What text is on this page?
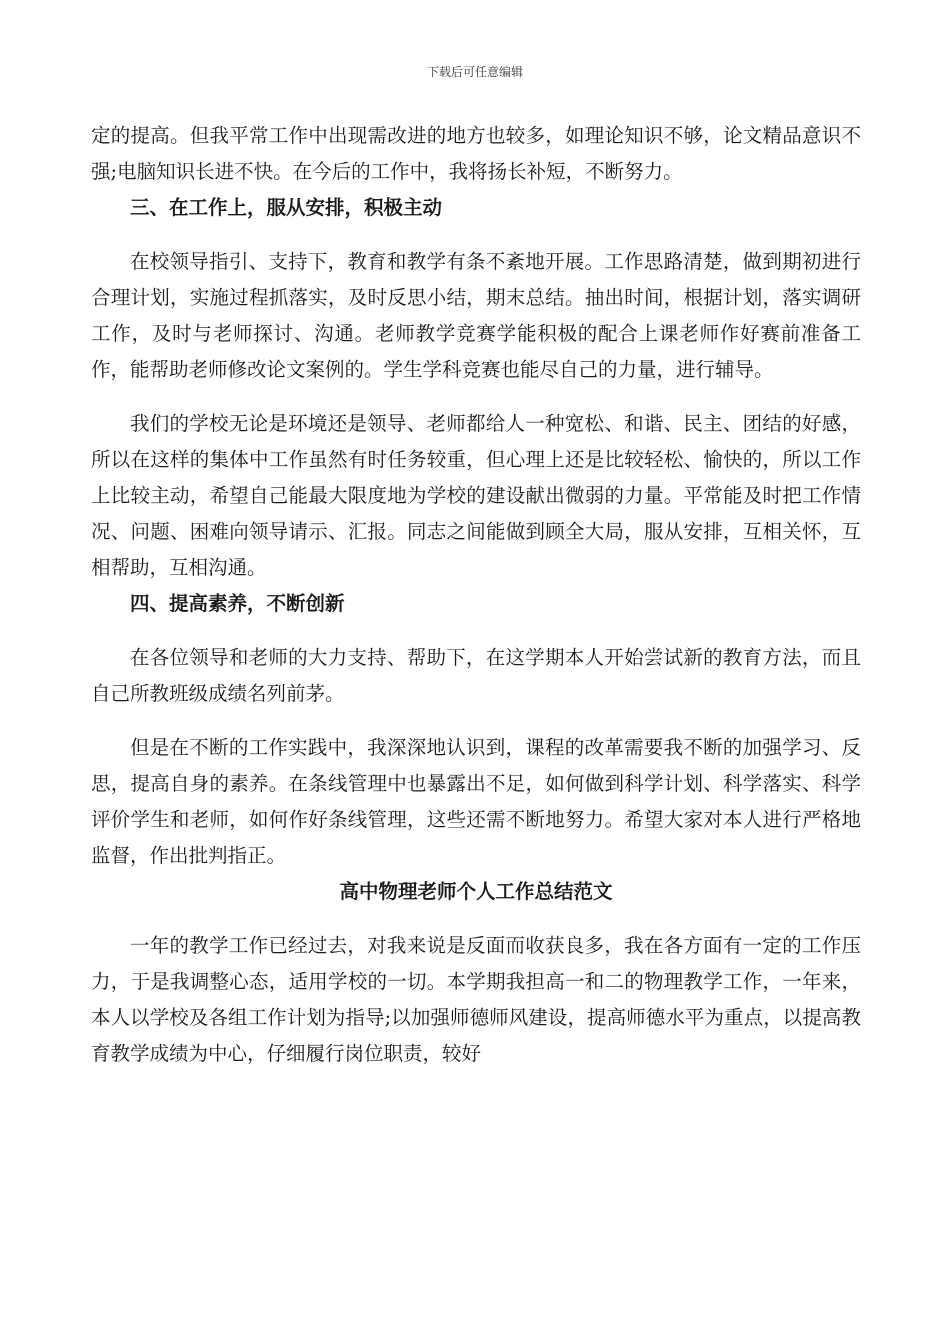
下载后可任意编辑

定的提高。但我平常工作中出现需改进的地方也较多，如理论知识不够，论文精品意识不强;电脑知识长进不快。在今后的工作中，我将扬长补短，不断努力。

三、在工作上，服从安排，积极主动

在校领导指引、支持下，教育和教学有条不紊地开展。工作思路清楚，做到期初进行合理计划，实施过程抓落实，及时反思小结，期末总结。抽出时间，根据计划，落实调研工作，及时与老师探讨、沟通。老师教学竞赛学能积极的配合上课老师作好赛前准备工作，能帮助老师修改论文案例的。学生学科竞赛也能尽自己的力量，进行辅导。

我们的学校无论是环境还是领导、老师都给人一种宽松、和谐、民主、团结的好感，所以在这样的集体中工作虽然有时任务较重，但心理上还是比较轻松、愉快的，所以工作上比较主动，希望自己能最大限度地为学校的建设献出微弱的力量。平常能及时把工作情况、问题、困难向领导请示、汇报。同志之间能做到顾全大局，服从安排，互相关怀，互相帮助，互相沟通。

四、提高素养，不断创新

在各位领导和老师的大力支持、帮助下，在这学期本人开始尝试新的教育方法，而且自己所教班级成绩名列前茅。

但是在不断的工作实践中，我深深地认识到，课程的改革需要我不断的加强学习、反思，提高自身的素养。在条线管理中也暴露出不足，如何做到科学计划、科学落实、科学评价学生和老师，如何作好条线管理，这些还需不断地努力。希望大家对本人进行严格地监督，作出批判指正。

高中物理老师个人工作总结范文

一年的教学工作已经过去，对我来说是反面而收获良多，我在各方面有一定的工作压力，于是我调整心态，适用学校的一切。本学期我担高一和二的物理教学工作，一年来，本人以学校及各组工作计划为指导;以加强师德师风建设，提高师德水平为重点，以提高教育教学成绩为中心，仔细履行岗位职责，较好
